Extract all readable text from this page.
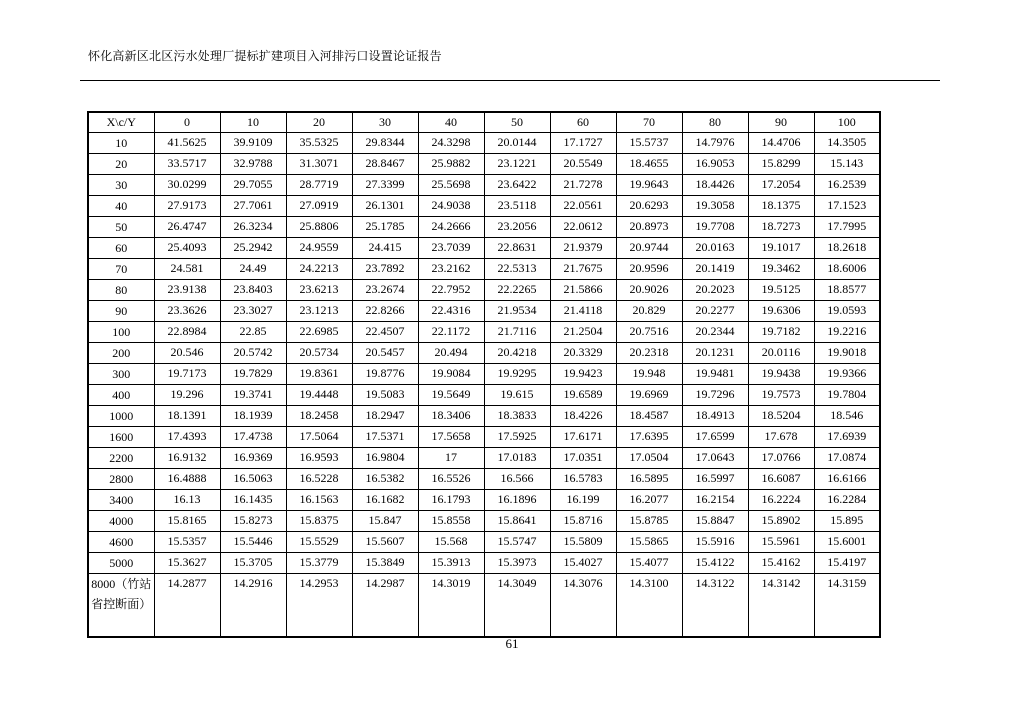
怀化高新区北区污水处理厂提标扩建项目入河排污口设置论证报告
X\c/Y	0	10	20	30	40	50	60	70	80	90	100
10	41.5625	39.9109	35.5325	29.8344	24.3298	20.0144	17.1727	15.5737	14.7976	14.4706	14.3505
20	33.5717	32.9788	31.3071	28.8467	25.9882	23.1221	20.5549	18.4655	16.9053	15.8299	15.143
30	30.0299	29.7055	28.7719	27.3399	25.5698	23.6422	21.7278	19.9643	18.4426	17.2054	16.2539
40	27.9173	27.7061	27.0919	26.1301	24.9038	23.5118	22.0561	20.6293	19.3058	18.1375	17.1523
50	26.4747	26.3234	25.8806	25.1785	24.2666	23.2056	22.0612	20.8973	19.7708	18.7273	17.7995
60	25.4093	25.2942	24.9559	24.415	23.7039	22.8631	21.9379	20.9744	20.0163	19.1017	18.2618
70	24.581	24.49	24.2213	23.7892	23.2162	22.5313	21.7675	20.9596	20.1419	19.3462	18.6006
80	23.9138	23.8403	23.6213	23.2674	22.7952	22.2265	21.5866	20.9026	20.2023	19.5125	18.8577
90	23.3626	23.3027	23.1213	22.8266	22.4316	21.9534	21.4118	20.829	20.2277	19.6306	19.0593
100	22.8984	22.85	22.6985	22.4507	22.1172	21.7116	21.2504	20.7516	20.2344	19.7182	19.2216
200	20.546	20.5742	20.5734	20.5457	20.494	20.4218	20.3329	20.2318	20.1231	20.0116	19.9018
300	19.7173	19.7829	19.8361	19.8776	19.9084	19.9295	19.9423	19.948	19.9481	19.9438	19.9366
400	19.296	19.3741	19.4448	19.5083	19.5649	19.615	19.6589	19.6969	19.7296	19.7573	19.7804
1000	18.1391	18.1939	18.2458	18.2947	18.3406	18.3833	18.4226	18.4587	18.4913	18.5204	18.546
1600	17.4393	17.4738	17.5064	17.5371	17.5658	17.5925	17.6171	17.6395	17.6599	17.678	17.6939
2200	16.9132	16.9369	16.9593	16.9804	17	17.0183	17.0351	17.0504	17.0643	17.0766	17.0874
2800	16.4888	16.5063	16.5228	16.5382	16.5526	16.566	16.5783	16.5895	16.5997	16.6087	16.6166
3400	16.13	16.1435	16.1563	16.1682	16.1793	16.1896	16.199	16.2077	16.2154	16.2224	16.2284
4000	15.8165	15.8273	15.8375	15.847	15.8558	15.8641	15.8716	15.8785	15.8847	15.8902	15.895
4600	15.5357	15.5446	15.5529	15.5607	15.568	15.5747	15.5809	15.5865	15.5916	15.5961	15.6001
5000	15.3627	15.3705	15.3779	15.3849	15.3913	15.3973	15.4027	15.4077	15.4122	15.4162	15.4197
8000（竹站省控断面）	14.2877	14.2916	14.2953	14.2987	14.3019	14.3049	14.3076	14.3100	14.3122	14.3142	14.3159
61
